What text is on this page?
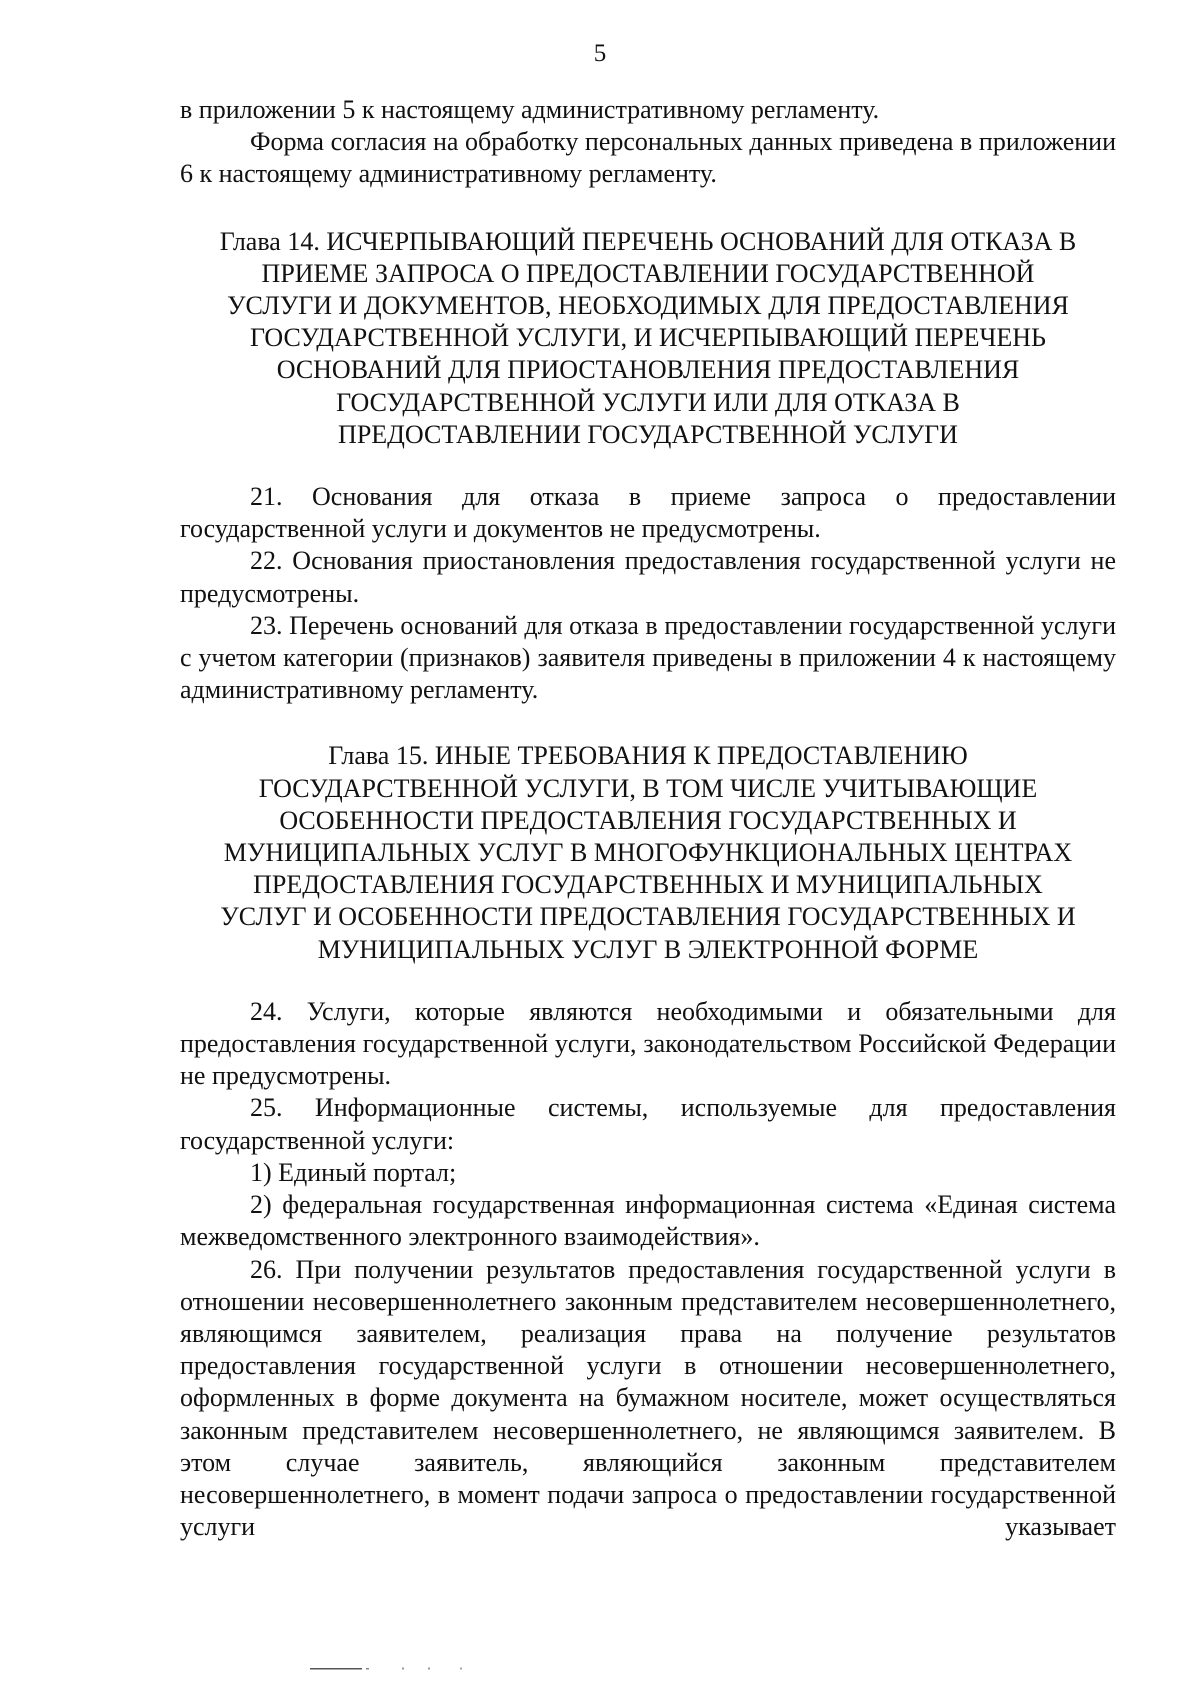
5

в приложении 5 к настоящему административному регламенту.

Форма согласия на обработку персональных данных приведена в приложении 6 к настоящему административному регламенту.

Глава 14. ИСЧЕРПЫВАЮЩИЙ ПЕРЕЧЕНЬ ОСНОВАНИЙ ДЛЯ ОТКАЗА В
ПРИЕМЕ ЗАПРОСА О ПРЕДОСТАВЛЕНИИ ГОСУДАРСТВЕННОЙ
УСЛУГИ И ДОКУМЕНТОВ, НЕОБХОДИМЫХ ДЛЯ ПРЕДОСТАВЛЕНИЯ
ГОСУДАРСТВЕННОЙ УСЛУГИ, И ИСЧЕРПЫВАЮЩИЙ ПЕРЕЧЕНЬ
ОСНОВАНИЙ ДЛЯ ПРИОСТАНОВЛЕНИЯ ПРЕДОСТАВЛЕНИЯ
ГОСУДАРСТВЕННОЙ УСЛУГИ ИЛИ ДЛЯ ОТКАЗА В
ПРЕДОСТАВЛЕНИИ ГОСУДАРСТВЕННОЙ УСЛУГИ

21. Основания для отказа в приеме запроса о предоставлении государственной услуги и документов не предусмотрены.

22. Основания приостановления предоставления государственной услуги не предусмотрены.

23. Перечень оснований для отказа в предоставлении государственной услуги с учетом категории (признаков) заявителя приведены в приложении 4 к настоящему административному регламенту.

Глава 15. ИНЫЕ ТРЕБОВАНИЯ К ПРЕДОСТАВЛЕНИЮ
ГОСУДАРСТВЕННОЙ УСЛУГИ, В ТОМ ЧИСЛЕ УЧИТЫВАЮЩИЕ
ОСОБЕННОСТИ ПРЕДОСТАВЛЕНИЯ ГОСУДАРСТВЕННЫХ И
МУНИЦИПАЛЬНЫХ УСЛУГ В МНОГОФУНКЦИОНАЛЬНЫХ ЦЕНТРАХ
ПРЕДОСТАВЛЕНИЯ ГОСУДАРСТВЕННЫХ И МУНИЦИПАЛЬНЫХ
УСЛУГ И ОСОБЕННОСТИ ПРЕДОСТАВЛЕНИЯ ГОСУДАРСТВЕННЫХ И
МУНИЦИПАЛЬНЫХ УСЛУГ В ЭЛЕКТРОННОЙ ФОРМЕ

24. Услуги, которые являются необходимыми и обязательными для предоставления государственной услуги, законодательством Российской Федерации не предусмотрены.

25. Информационные системы, используемые для предоставления государственной услуги:

1) Единый портал;

2) федеральная государственная информационная система «Единая система межведомственного электронного взаимодействия».

26. При получении результатов предоставления государственной услуги в отношении несовершеннолетнего законным представителем несовершеннолетнего, являющимся заявителем, реализация права на получение результатов предоставления государственной услуги в отношении несовершеннолетнего, оформленных в форме документа на бумажном носителе, может осуществляться законным представителем несовершеннолетнего, не являющимся заявителем. В этом случае заявитель, являющийся законным представителем несовершеннолетнего, в момент подачи запроса о предоставлении государственной услуги указывает
